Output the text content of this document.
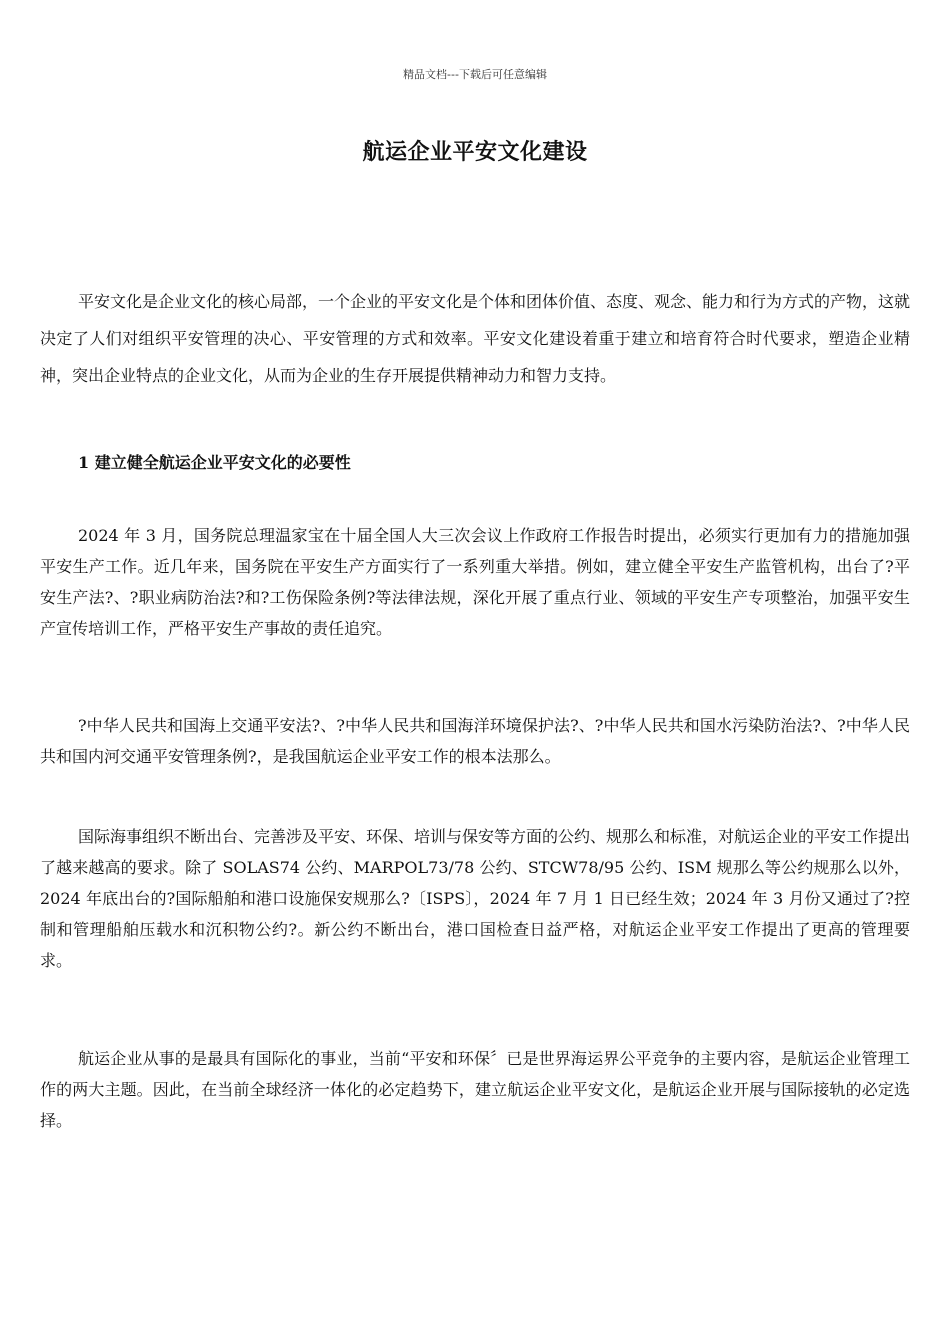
精品文档---下载后可任意编辑
航运企业平安文化建设

平安文化是企业文化的核心局部，一个企业的平安文化是个体和团体价值、态度、观念、能力和行为方式的产物，这就决定了人们对组织平安管理的决心、平安管理的方式和效率。平安文化建设着重于建立和培育符合时代要求，塑造企业精神，突出企业特点的企业文化，从而为企业的生存开展提供精神动力和智力支持。

1 建立健全航运企业平安文化的必要性

2024 年 3 月，国务院总理温家宝在十届全国人大三次会议上作政府工作报告时提出，必须实行更加有力的措施加强平安生产工作。近几年来，国务院在平安生产方面实行了一系列重大举措。例如，建立健全平安生产监管机构，出台了?平安生产法?、?职业病防治法?和?工伤保险条例?等法律法规，深化开展了重点行业、领域的平安生产专项整治，加强平安生产宣传培训工作，严格平安生产事故的责任追究。

?中华人民共和国海上交通平安法?、?中华人民共和国海洋环境保护法?、?中华人民共和国水污染防治法?、?中华人民共和国内河交通平安管理条例?，是我国航运企业平安工作的根本法那么。

国际海事组织不断出台、完善涉及平安、环保、培训与保安等方面的公约、规那么和标准，对航运企业的平安工作提出了越来越高的要求。除了 SOLAS74 公约、MARPOL73/78 公约、STCW78/95 公约、ISM 规那么等公约规那么以外，2024 年底出台的?国际船舶和港口设施保安规那么?〔ISPS〕，2024 年 7 月 1 日已经生效；2024 年 3 月份又通过了?控制和管理船舶压载水和沉积物公约?。新公约不断出台，港口国检查日益严格，对航运企业平安工作提出了更高的管理要求。

航运企业从事的是最具有国际化的事业，当前“平安和环保〞已是世界海运界公平竞争的主要内容，是航运企业管理工作的两大主题。因此，在当前全球经济一体化的必定趋势下，建立航运企业平安文化，是航运企业开展与国际接轨的必定选择。
